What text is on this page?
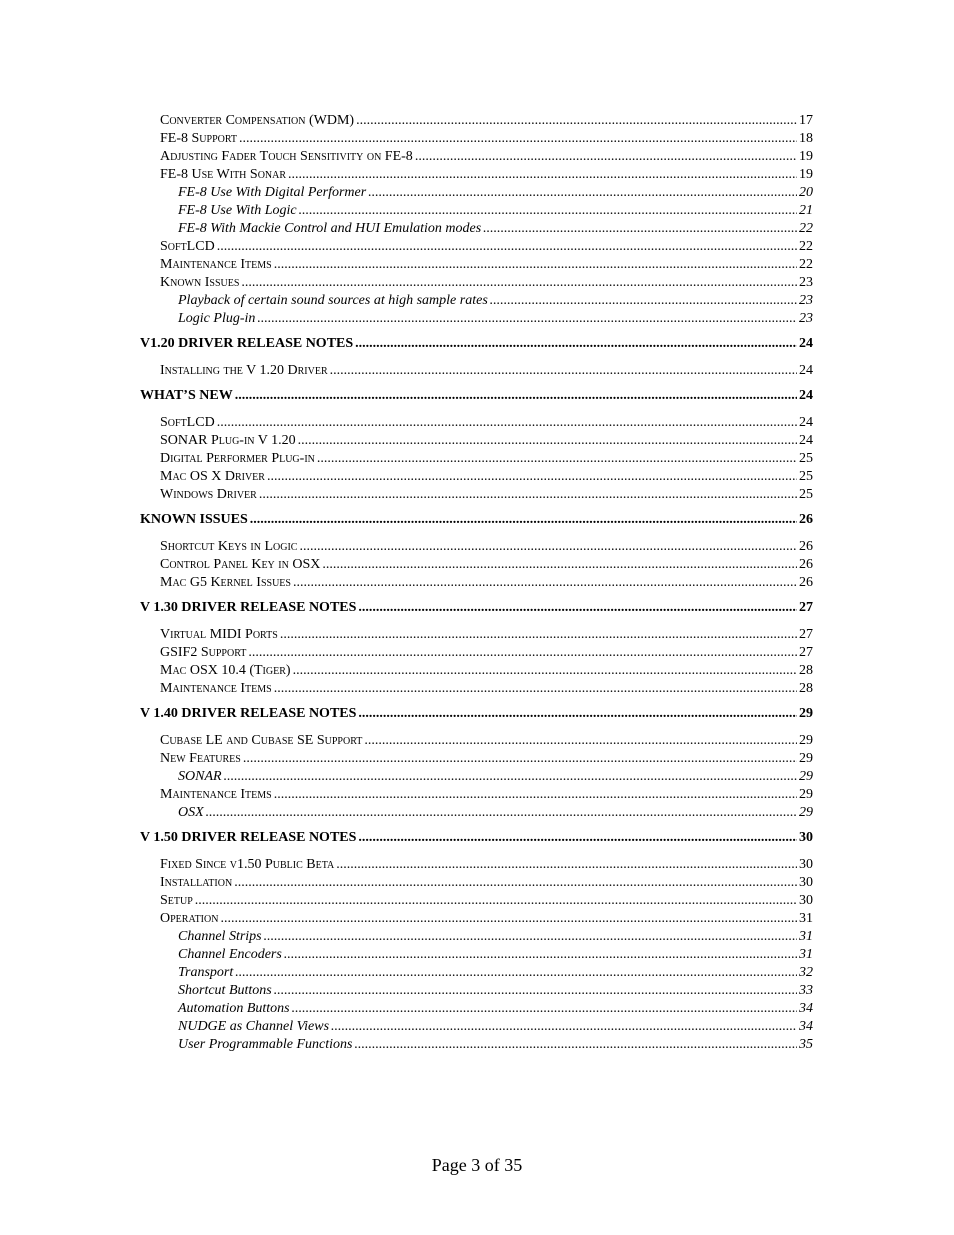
Converter Compensation (WDM) .....	17
FE-8 Support .....	18
Adjusting Fader Touch Sensitivity on FE-8 .....	19
FE-8 Use With Sonar .....	19
FE-8 Use With Digital Performer .....	20
FE-8 Use With Logic .....	21
FE-8 With Mackie Control and HUI Emulation modes .....	22
SoftLCD .....	22
Maintenance Items .....	22
Known Issues .....	23
Playback of certain sound sources at high sample rates .....	23
Logic Plug-in .....	23
V1.20 DRIVER RELEASE NOTES .....	24
Installing the V 1.20 Driver .....	24
WHAT’S NEW .....	24
SoftLCD .....	24
SONAR Plug-in V 1.20 .....	24
Digital Performer Plug-in .....	25
Mac OS X Driver .....	25
Windows Driver .....	25
KNOWN ISSUES .....	26
Shortcut Keys in Logic .....	26
Control Panel Key in OSX .....	26
Mac G5 Kernel Issues .....	26
V 1.30 DRIVER RELEASE NOTES .....	27
Virtual MIDI Ports .....	27
GSIF2 Support .....	27
Mac OSX 10.4 (Tiger) .....	28
Maintenance Items .....	28
V 1.40 DRIVER RELEASE NOTES .....	29
Cubase LE and Cubase SE Support .....	29
New Features .....	29
SONAR .....	29
Maintenance Items .....	29
OSX .....	29
V 1.50 DRIVER RELEASE NOTES .....	30
Fixed Since v1.50 Public Beta .....	30
Installation .....	30
Setup .....	30
Operation .....	31
Channel Strips .....	31
Channel Encoders .....	31
Transport .....	32
Shortcut Buttons .....	33
Automation Buttons .....	34
NUDGE as Channel Views .....	34
User Programmable Functions .....	35
Page 3 of 35
